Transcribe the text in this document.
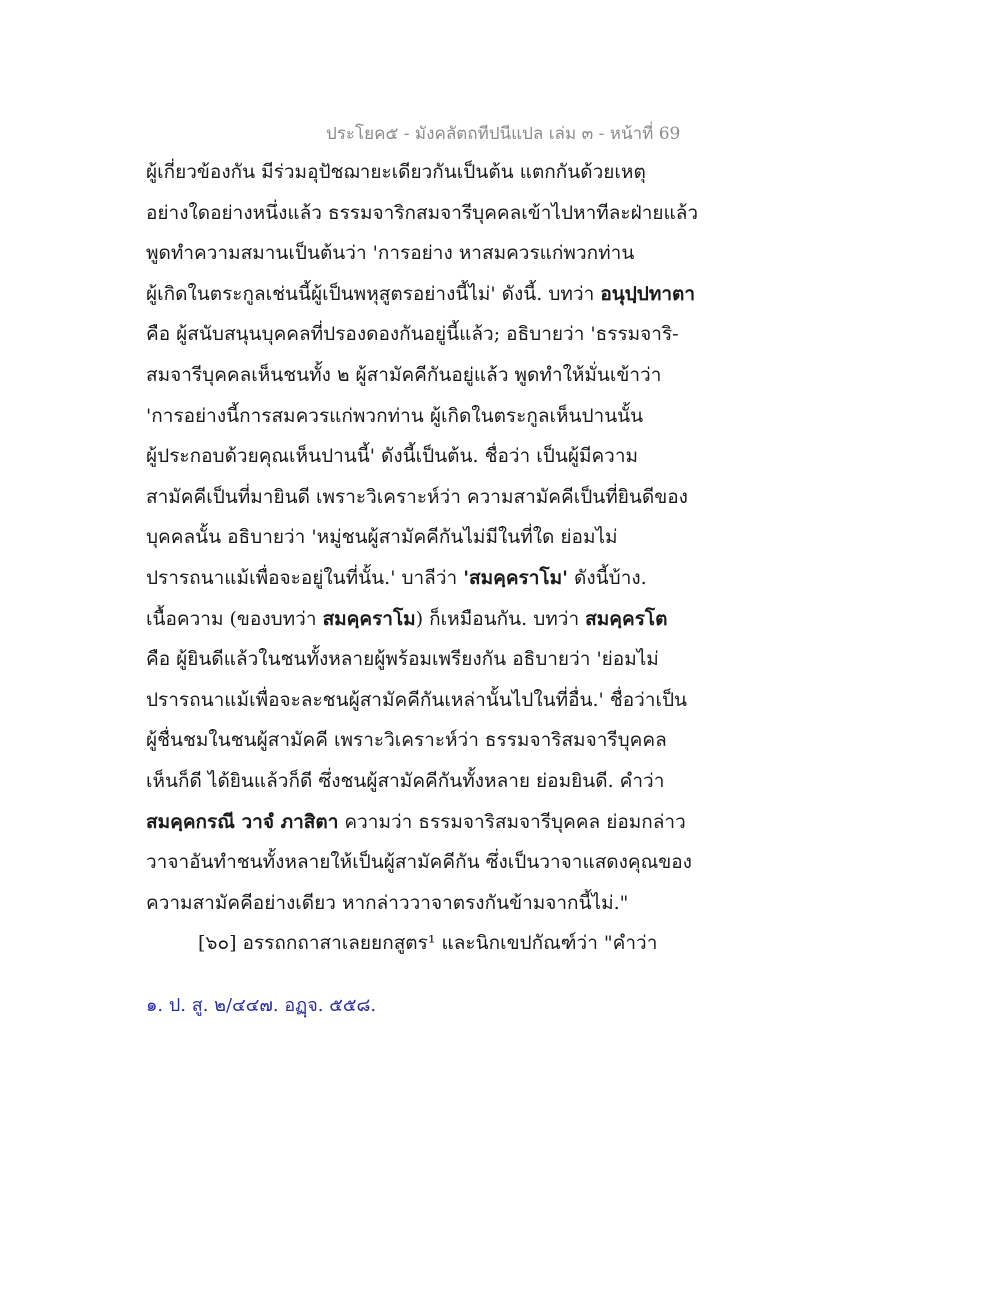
ประโยค๕ - มังคลัตถทีปนีแปล เล่ม ๓ - หน้าที่ 69
ผู้เกี่ยวข้องกัน มีร่วมอุปัชฌายะเดียวกันเป็นต้น แตกกันด้วยเหตุ
อย่างใดอย่างหนึ่งแล้ว ธรรมจาริกสมจารีบุคคลเข้าไปหาทีละฝ่ายแล้ว
พูดทำความสมานเป็นต้นว่า 'การอย่าง หาสมควรแก่พวกท่าน
ผู้เกิดในตระกูลเช่นนี้ผู้เป็นพหุสูตรอย่างนี้ไม่' ดังนี้. บทว่า อนุปฺปทาตา
คือ ผู้สนับสนุนบุคคลที่ปรองดองกันอยู่นี้แล้ว; อธิบายว่า 'ธรรมจาริ-
สมจารีบุคคลเห็นชนทั้ง ๒ ผู้สามัคคีกันอยู่แล้ว พูดทำให้มั่นเข้าว่า
'การอย่างนี้การสมควรแก่พวกท่าน ผู้เกิดในตระกูลเห็นปานนั้น
ผู้ประกอบด้วยคุณเห็นปานนี้' ดังนี้เป็นต้น. ชื่อว่า เป็นผู้มีความ
สามัคคีเป็นที่มายินดี เพราะวิเคราะห์ว่า ความสามัคคีเป็นที่ยินดีของ
บุคคลนั้น อธิบายว่า 'หมู่ชนผู้สามัคคีกันไม่มีในที่ใด ย่อมไม่
ปรารถนาแม้เพื่อจะอยู่ในที่นั้น.' บาลีว่า 'สมคฺคราโม' ดังนี้บ้าง.
เนื้อความ (ของบทว่า สมคฺคราโม) ก็เหมือนกัน. บทว่า สมคฺครโต
คือ ผู้ยินดีแล้วในชนทั้งหลายผู้พร้อมเพรียงกัน อธิบายว่า 'ย่อมไม่
ปรารถนาแม้เพื่อจะละชนผู้สามัคคีกันเหล่านั้นไปในที่อื่น.' ชื่อว่าเป็น
ผู้ชื่นชมในชนผู้สามัคคี เพราะวิเคราะห์ว่า ธรรมจาริสมจารีบุคคล
เห็นก็ดี ได้ยินแล้วก็ดี ซึ่งชนผู้สามัคคีกันทั้งหลาย ย่อมยินดี. คำว่า
สมคฺคกรณี วาจํ ภาสิตา ความว่า ธรรมจาริสมจารีบุคคล ย่อมกล่าว
วาจาอันทำชนทั้งหลายให้เป็นผู้สามัคคีกัน ซึ่งเป็นวาจาแสดงคุณของ
ความสามัคคีอย่างเดียว หากล่าววาจาตรงกันข้ามจากนี้ไม่."
[๖๐] อรรถกถาสาเลยยกสูตร¹ และนิกเขปกัณฑ์ว่า "คำว่า
๑. ป. สู. ๒/๔๔๗. อฏฺจ. ๕๕๘.
